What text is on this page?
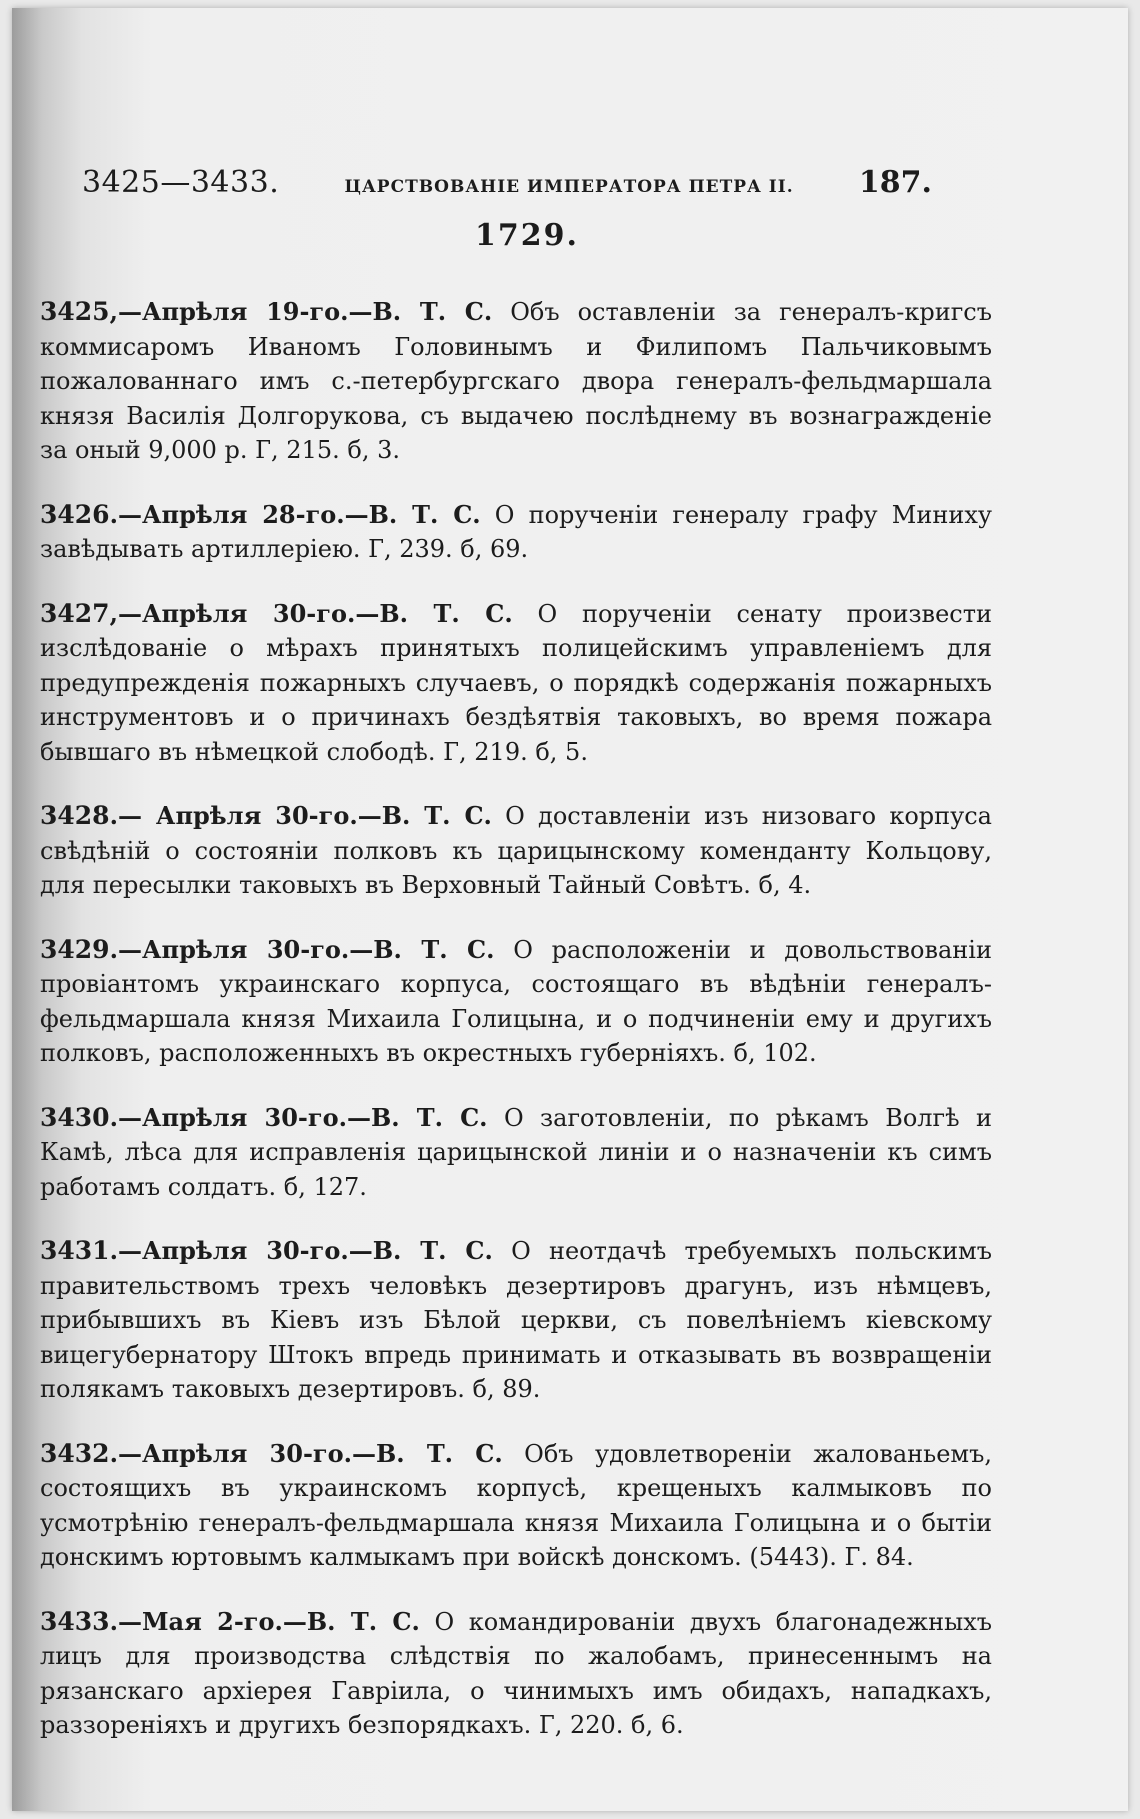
3425—3433.	ЦАРСТВОВАНІЕ ИМПЕРАТОРА ПЕТРА II. 187.
1729.

3425,—Апрѣля 19-го.—В. Т. С. Объ оставленіи за генералъ-кригсъ коммисаромъ Иваномъ Головинымъ и Филипомъ Пальчиковымъ пожалованнаго имъ с.-петербургскаго двора генералъ-фельдмаршала князя Василія Долгорукова, съ выдачею послѣднему въ вознагражденіе за оный 9,000 р. Г, 215. б, 3.

3426.—Апрѣля 28-го.—В. Т. С. О порученіи генералу графу Миниху завѣдывать артиллеріею. Г, 239. б, 69.

3427,—Апрѣля 30-го.—В. Т. С. О порученіи сенату произвести изслѣдованіе о мѣрахъ принятыхъ полицейскимъ управленіемъ для предупрежденія пожарныхъ случаевъ, о порядкѣ содержанія пожарныхъ инструментовъ и о причинахъ бездѣятвія таковыхъ, во время пожара бывшаго въ нѣмецкой слободѣ. Г, 219. б, 5.

3428.— Апрѣля 30-го.—В. Т. С. О доставленіи изъ низоваго корпуса свѣдѣній о состояніи полковъ къ царицынскому коменданту Кольцову, для пересылки таковыхъ въ Верховный Тайный Совѣтъ. б, 4.

3429.—Апрѣля 30-го.—В. Т. С. О расположеніи и довольствованіи провіантомъ украинскаго корпуса, состоящаго въ вѣдѣніи генералъ-фельдмаршала князя Михаила Голицына, и о подчиненіи ему и другихъ полковъ, расположенныхъ въ окрестныхъ губерніяхъ. б, 102.

3430.—Апрѣля 30-го.—В. Т. С. О заготовленіи, по рѣкамъ Волгѣ и Камѣ, лѣса для исправленія царицынской линіи и о назначеніи къ симъ работамъ солдатъ. б, 127.

3431.—Апрѣля 30-го.—В. Т. С. О неотдачѣ требуемыхъ польскимъ правительствомъ трехъ человѣкъ дезертировъ драгунъ, изъ нѣмцевъ, прибывшихъ въ Кіевъ изъ Бѣлой церкви, съ повелѣніемъ кіевскому вицегубернатору Штокъ впредь принимать и отказывать въ возвращеніи полякамъ таковыхъ дезертировъ. б, 89.

3432.—Апрѣля 30-го.—В. Т. С. Объ удовлетвореніи жалованьемъ, состоящихъ въ украинскомъ корпусѣ, крещеныхъ калмыковъ по усмотрѣнію генералъ-фельдмаршала князя Михаила Голицына и о бытіи донскимъ юртовымъ калмыкамъ при войскѣ донскомъ. (5443). Г. 84.

3433.—Мая 2-го.—В. Т. С. О командированіи двухъ благонадежныхъ лицъ для производства слѣдствія по жалобамъ, принесеннымъ на рязанскаго архіерея Гавріила, о чинимыхъ имъ обидахъ, нападкахъ, раззореніяхъ и другихъ безпорядкахъ. Г, 220. б, 6.
